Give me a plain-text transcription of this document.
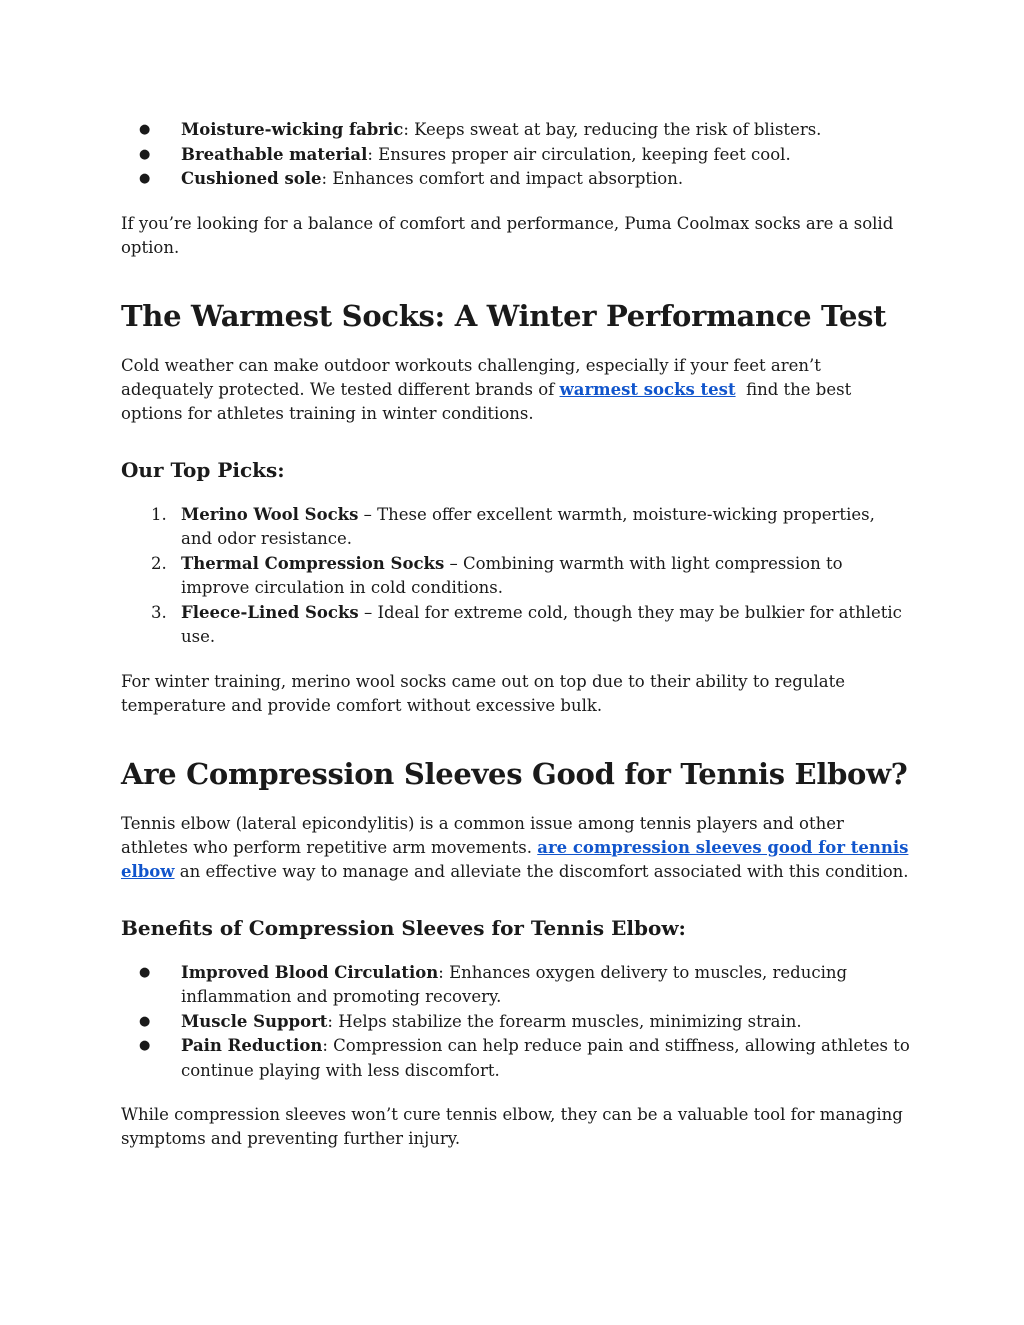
● Moisture-wicking fabric: Keeps sweat at bay, reducing the risk of blisters.
● Breathable material: Ensures proper air circulation, keeping feet cool.
● Cushioned sole: Enhances comfort and impact absorption.

If you’re looking for a balance of comfort and performance, Puma Coolmax socks are a solid option.

The Warmest Socks: A Winter Performance Test

Cold weather can make outdoor workouts challenging, especially if your feet aren’t adequately protected. We tested different brands of warmest socks test  find the best options for athletes training in winter conditions.

Our Top Picks:
1. Merino Wool Socks – These offer excellent warmth, moisture-wicking properties, and odor resistance.
2. Thermal Compression Socks – Combining warmth with light compression to improve circulation in cold conditions.
3. Fleece-Lined Socks – Ideal for extreme cold, though they may be bulkier for athletic use.

For winter training, merino wool socks came out on top due to their ability to regulate temperature and provide comfort without excessive bulk.

Are Compression Sleeves Good for Tennis Elbow?

Tennis elbow (lateral epicondylitis) is a common issue among tennis players and other athletes who perform repetitive arm movements. are compression sleeves good for tennis elbow an effective way to manage and alleviate the discomfort associated with this condition.

Benefits of Compression Sleeves for Tennis Elbow:
● Improved Blood Circulation: Enhances oxygen delivery to muscles, reducing inflammation and promoting recovery.
● Muscle Support: Helps stabilize the forearm muscles, minimizing strain.
● Pain Reduction: Compression can help reduce pain and stiffness, allowing athletes to continue playing with less discomfort.

While compression sleeves won’t cure tennis elbow, they can be a valuable tool for managing symptoms and preventing further injury.
